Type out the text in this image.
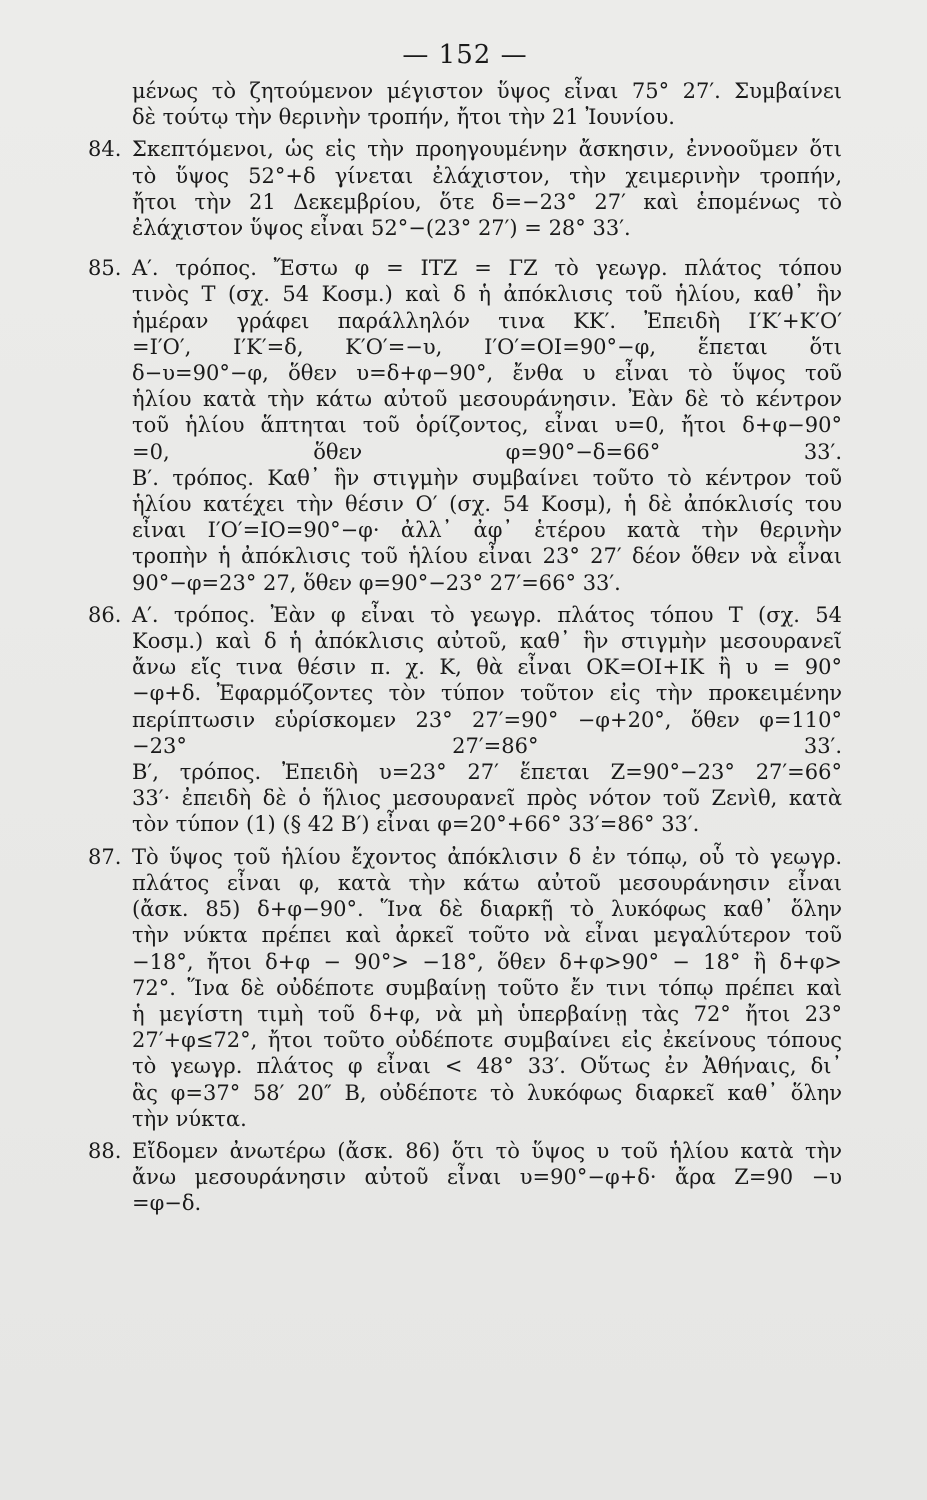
— 152 —
μένως τὸ ζητούμενον μέγιστον ὕψος εἶναι 75° 27′. Συμβαίνει
δὲ τούτῳ τὴν θερινὴν τροπήν, ἤτοι τὴν 21 Ἰουνίου.
84. Σκεπτόμενοι, ὡς εἰς τὴν προηγουμένην ἄσκησιν, ἐννοοῦμεν ὅτι
τὸ ὕψος 52°+δ γίνεται ἐλάχιστον, τὴν χειμερινὴν τροπήν,
ἤτοι τὴν 21 Δεκεμβρίου, ὅτε δ=−23° 27′ καὶ ἑπομένως τὸ
ἐλάχιστον ὕψος εἶναι 52°−(23° 27′) = 28° 33′.
85. Α′. τρόπος. Ἔστω φ = ΙΤΖ = ΓΖ τὸ γεωγρ. πλάτος τόπου
τινὸς Τ (σχ. 54 Κοσμ.) καὶ δ ἡ ἀπόκλισις τοῦ ἡλίου, καθ᾽ ἣν
ἡμέραν γράφει παράλληλόν τινα ΚΚ′. Ἐπειδὴ Ι′Κ′+Κ′Ο′
=Ι′Ο′, Ι′Κ′=δ, Κ′Ο′=−υ, Ι′Ο′=ΟΙ=90°−φ, ἕπεται ὅτι
δ−υ=90°−φ, ὅθεν υ=δ+φ−90°, ἔνθα υ εἶναι τὸ ὕψος τοῦ
ἡλίου κατὰ τὴν κάτω αὐτοῦ μεσουράνησιν. Ἐὰν δὲ τὸ κέντρον
τοῦ ἡλίου ἅπτηται τοῦ ὁρίζοντος, εἶναι υ=0, ἤτοι δ+φ−90°
=0, ὅθεν φ=90°−δ=66° 33′.
Β′. τρόπος. Καθ᾽ ἣν στιγμὴν συμβαίνει τοῦτο τὸ κέντρον τοῦ
ἡλίου κατέχει τὴν θέσιν Ο′ (σχ. 54 Κοσμ), ἡ δὲ ἀπόκλισίς του
εἶναι Ι′Ο′=ΙΟ=90°−φ· ἀλλ᾽ ἀφ᾽ ἑτέρου κατὰ τὴν θερινὴν
τροπὴν ἡ ἀπόκλισις τοῦ ἡλίου εἶναι 23° 27′ δέον ὅθεν νὰ εἶναι
90°−φ=23° 27, ὅθεν φ=90°−23° 27′=66° 33′.
86. Α′. τρόπος. Ἐὰν φ εἶναι τὸ γεωγρ. πλάτος τόπου Τ (σχ. 54
Κοσμ.) καὶ δ ἡ ἀπόκλισις αὐτοῦ, καθ᾽ ἣν στιγμὴν μεσουρανεῖ
ἄνω εἴς τινα θέσιν π. χ. Κ, θὰ εἶναι ΟΚ=ΟΙ+ΙΚ ἢ υ = 90°
−φ+δ. Ἐφαρμόζοντες τὸν τύπον τοῦτον εἰς τὴν προκειμένην
περίπτωσιν εὑρίσκομεν 23° 27′=90° −φ+20°, ὅθεν φ=110°
−23° 27′=86° 33′.
Β′, τρόπος. Ἐπειδὴ υ=23° 27′ ἕπεται Ζ=90°−23° 27′=66°
33′· ἐπειδὴ δὲ ὁ ἥλιος μεσουρανεῖ πρὸς νότον τοῦ Ζενὶθ, κατὰ
τὸν τύπον (1) (§ 42 Β′) εἶναι φ=20°+66° 33′=86° 33′.
87. Τὸ ὕψος τοῦ ἡλίου ἔχοντος ἀπόκλισιν δ ἐν τόπῳ, οὗ τὸ γεωγρ.
πλάτος εἶναι φ, κατὰ τὴν κάτω αὐτοῦ μεσουράνησιν εἶναι
(ἄσκ. 85) δ+φ−90°. Ἵνα δὲ διαρκῇ τὸ λυκόφως καθ᾽ ὅλην
τὴν νύκτα πρέπει καὶ ἀρκεῖ τοῦτο νὰ εἶναι μεγαλύτερον τοῦ
−18°, ἤτοι δ+φ − 90°> −18°, ὅθεν δ+φ>90° − 18° ἢ δ+φ>
72°. Ἵνα δὲ οὐδέποτε συμβαίνῃ τοῦτο ἔν τινι τόπῳ πρέπει καὶ
ἡ μεγίστη τιμὴ τοῦ δ+φ, νὰ μὴ ὑπερβαίνῃ τὰς 72° ἤτοι 23°
27′+φ≤72°, ἤτοι τοῦτο οὐδέποτε συμβαίνει εἰς ἐκείνους τόπους
τὸ γεωγρ. πλάτος φ εἶναι < 48° 33′. Οὕτως ἐν Ἀθήναις, δι᾽
ἃς φ=37° 58′ 20″ Β, οὐδέποτε τὸ λυκόφως διαρκεῖ καθ᾽ ὅλην
τὴν νύκτα.
88. Εἴδομεν ἀνωτέρω (ἄσκ. 86) ὅτι τὸ ὕψος υ τοῦ ἡλίου κατὰ τὴν
ἄνω μεσουράνησιν αὐτοῦ εἶναι υ=90°−φ+δ· ἄρα Ζ=90 −υ
=φ−δ.
